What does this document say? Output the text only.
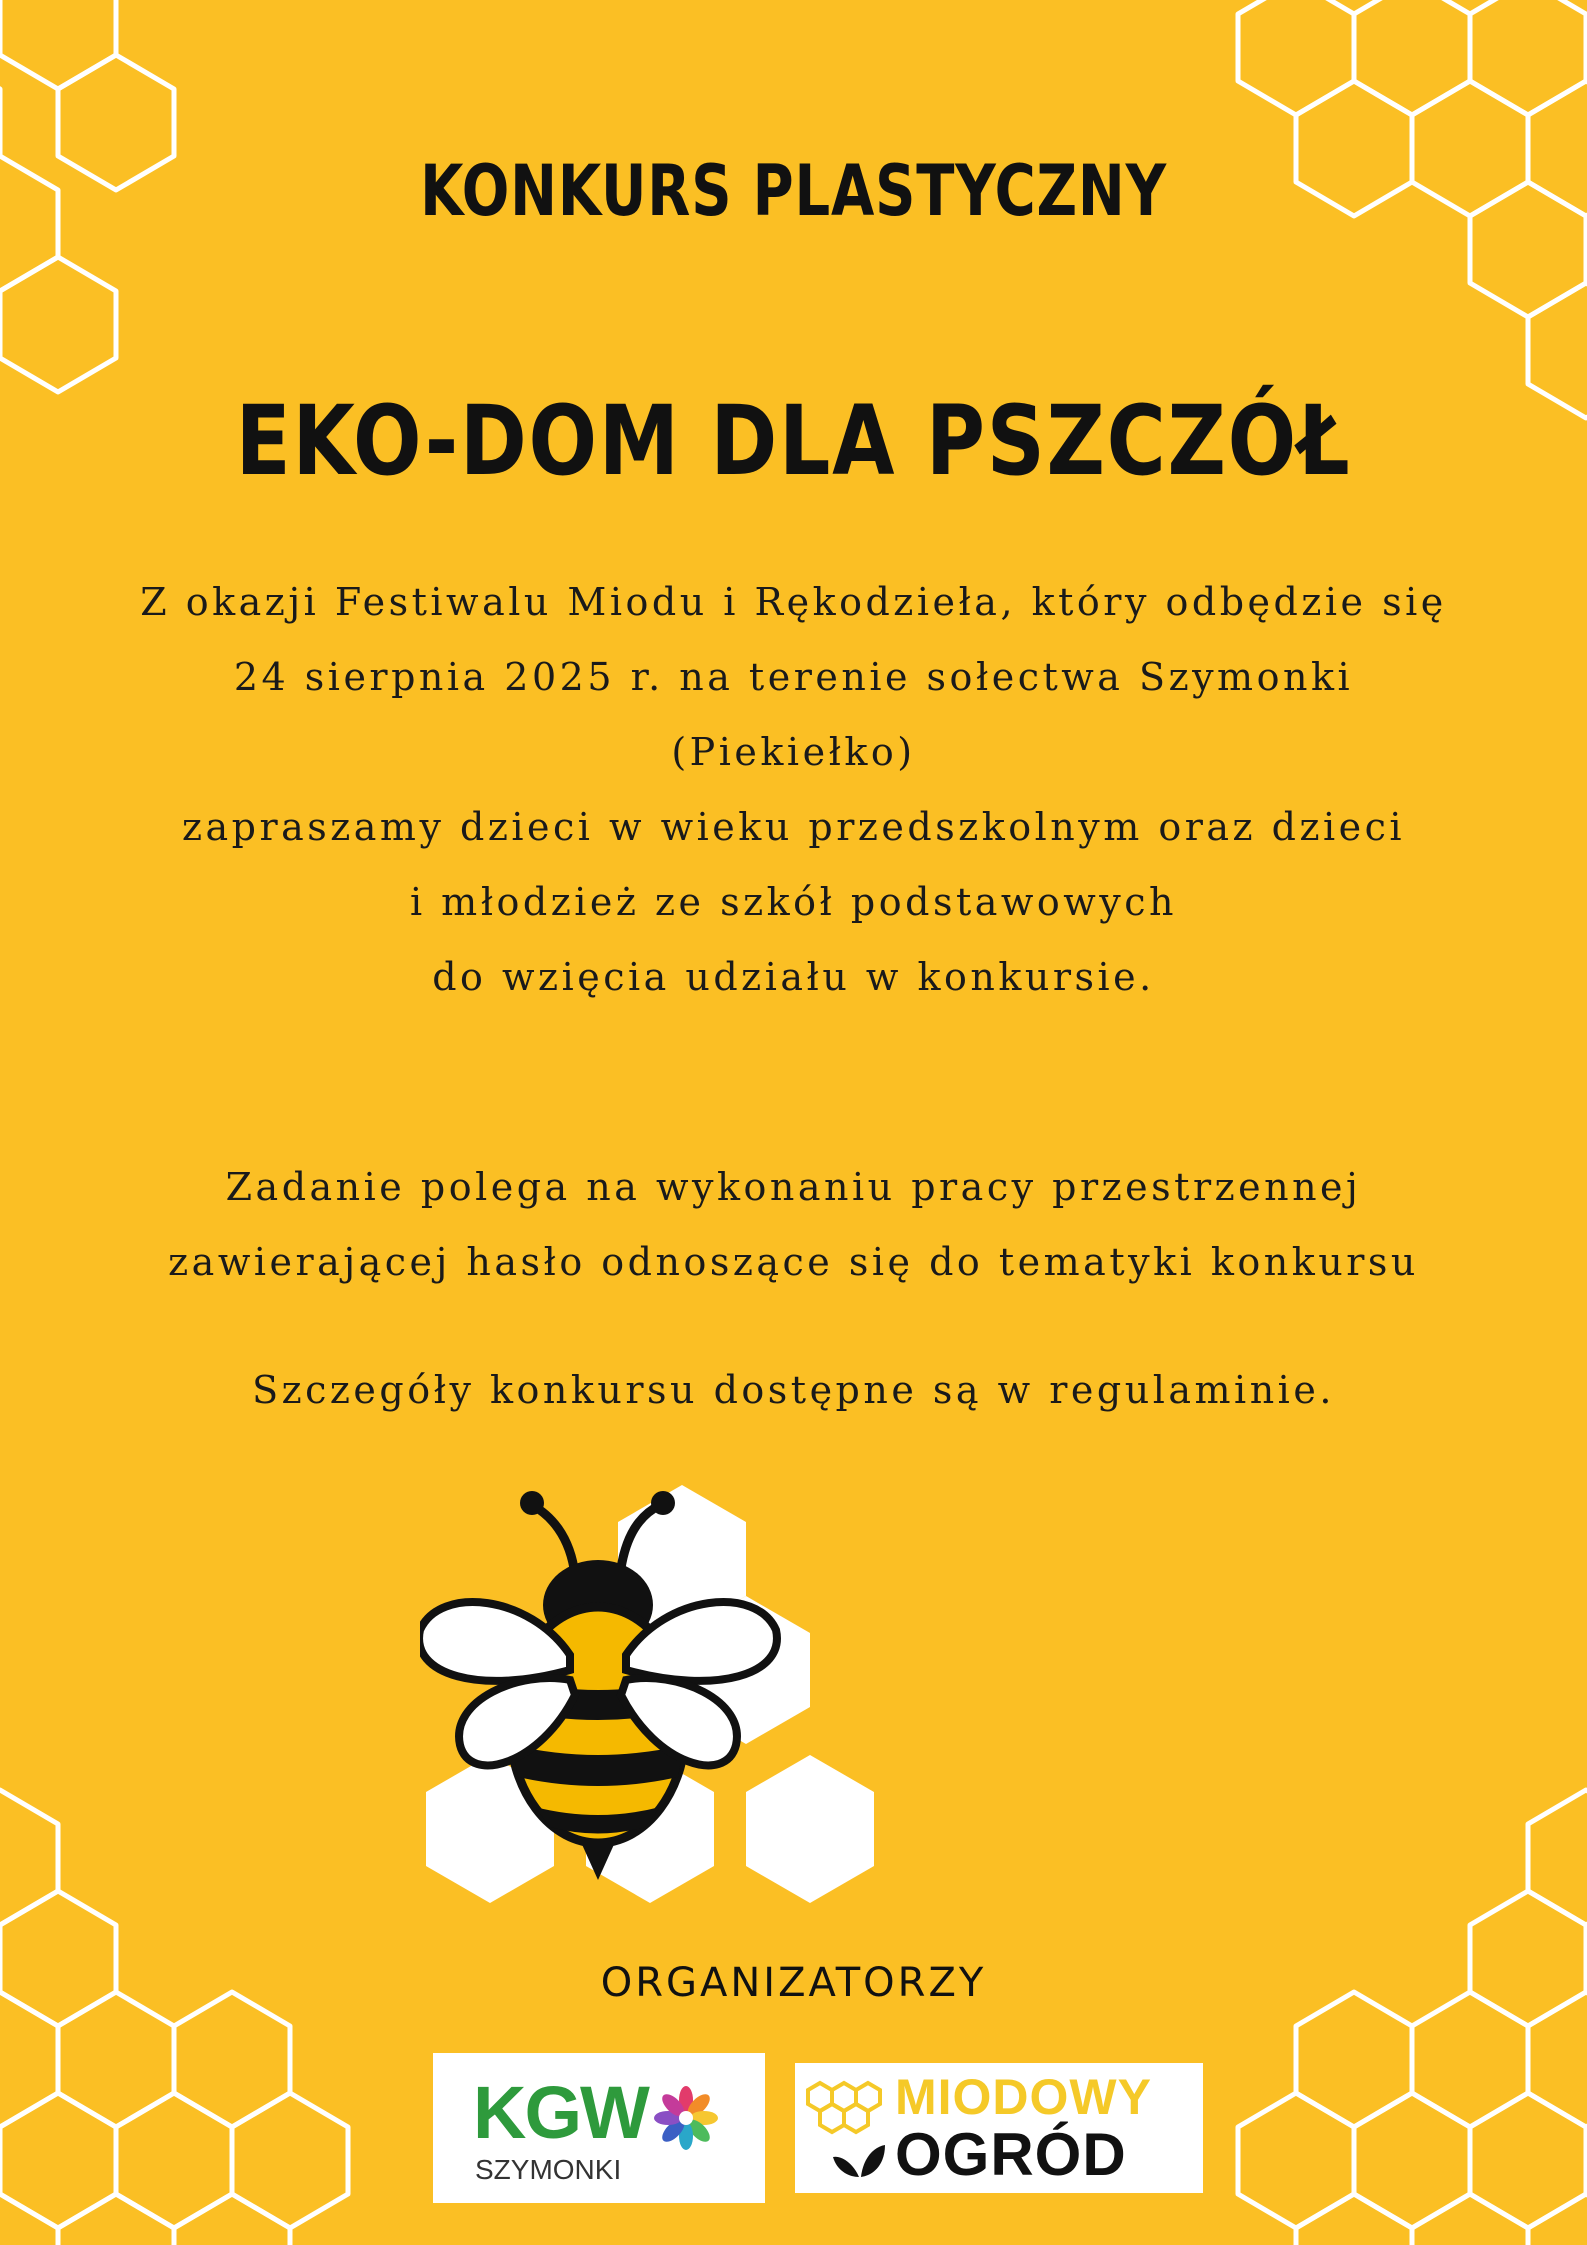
KONKURS PLASTYCZNY
EKO-DOM DLA PSZCZÓŁ
Z okazji Festiwalu Miodu i Rękodzieła, który odbędzie się
24 sierpnia 2025 r. na terenie sołectwa Szymonki
(Piekiełko)
zapraszamy dzieci w wieku przedszkolnym oraz dzieci
i młodzież ze szkół podstawowych
do wzięcia udziału w konkursie.
Zadanie polega na wykonaniu pracy przestrzennej
zawierającej hasło odnoszące się do tematyki konkursu
Szczegóły konkursu dostępne są w regulaminie.
ORGANIZATORZY
KGW
SZYMONKI
MIODOWY
OGRÓD
